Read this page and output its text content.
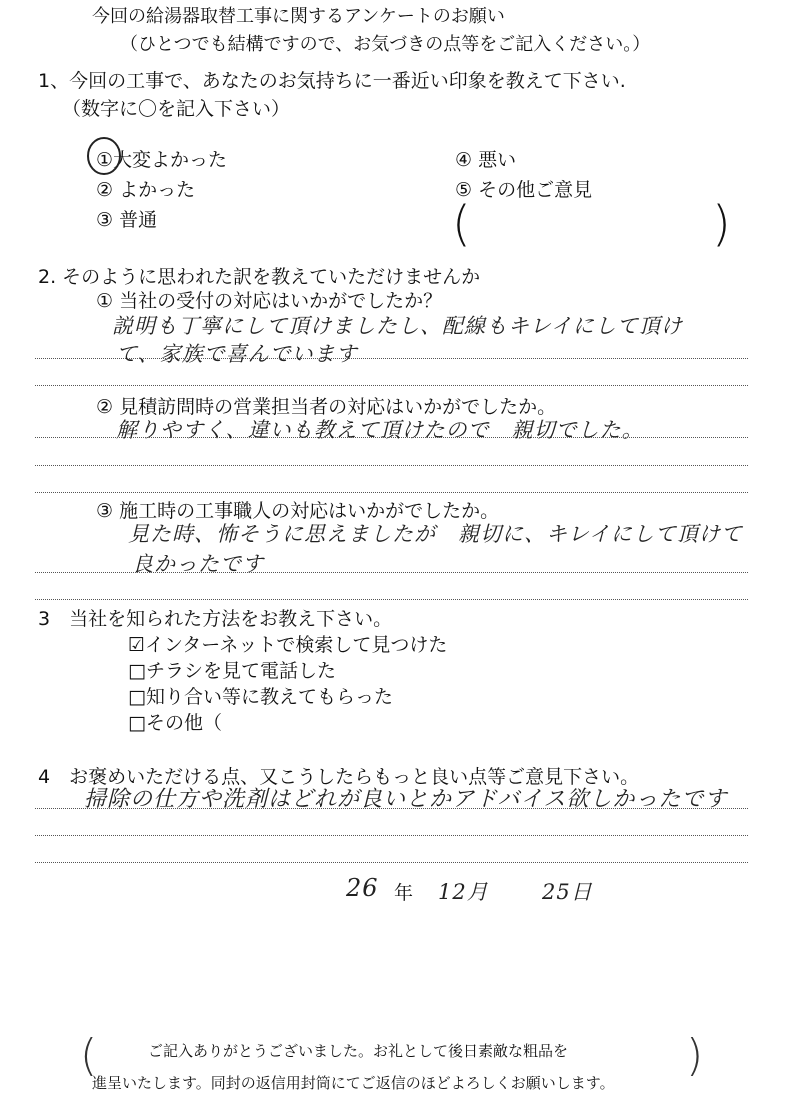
今回の給湯器取替工事に関するアンケートのお願い
（ひとつでも結構ですので、お気づきの点等をご記入ください。）
1、今回の工事で、あなたのお気持ちに一番近い印象を教えて下さい.
（数字に〇を記入下さい）
①大変よかった
② よかった
③ 普通
④ 悪い
⑤ その他ご意見
(	)
2. そのように思われた訳を教えていただけませんか
① 当社の受付の対応はいかがでしたか？
説明も丁寧にして頂けましたし、配線もキレイにして頂け
て、家族で喜んでいます
② 見積訪問時の営業担当者の対応はいかがでしたか。
解りやすく、違いも教えて頂けたので　親切でした。
③ 施工時の工事職人の対応はいかがでしたか。
見た時、怖そうに思えましたが　親切に、キレイにして頂けて
良かったです
3　当社を知られた方法をお教え下さい。
☑インターネットで検索して見つけた
□チラシを見て電話した
□知り合い等に教えてもらった
□その他（
4　お褒めいただける点、又こうしたらもっと良い点等ご意見下さい。
掃除の仕方や洗剤はどれが良いとかアドバイス欲しかったです
26 年 12月	25日
(	ご記入ありがとうございました。お礼として後日素敵な粗品を
進呈いたします。同封の返信用封筒にてご返信のほどよろしくお願いします。
)
